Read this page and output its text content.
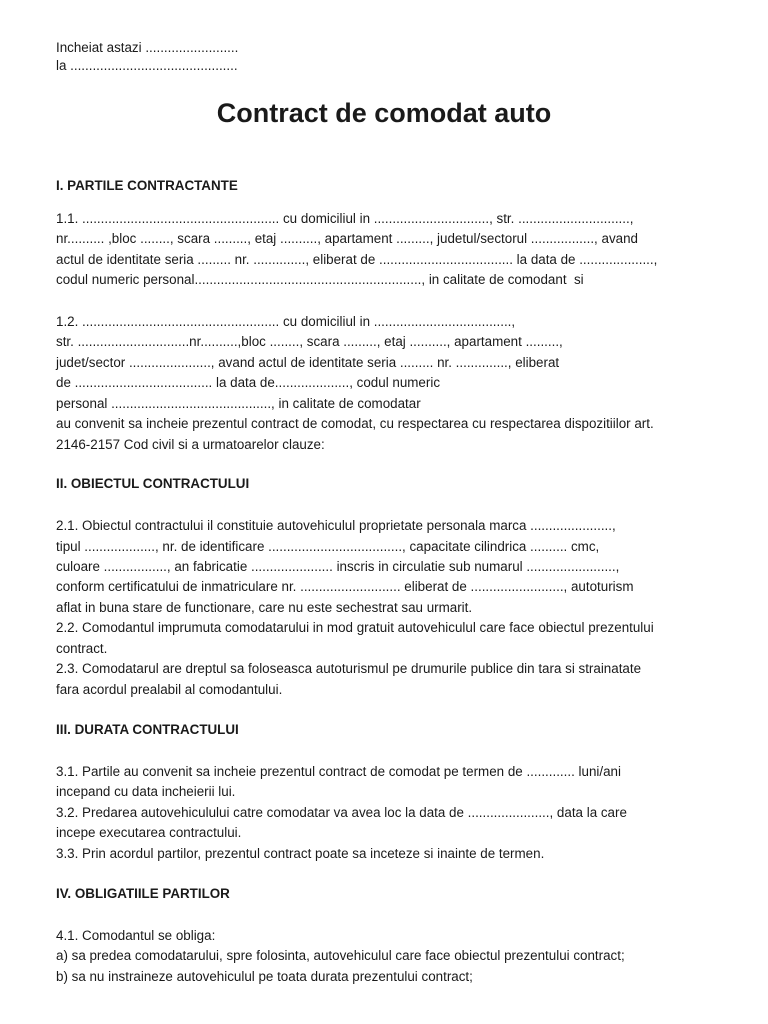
Incheiat astazi .........................
la .............................................
Contract de comodat auto
I. PARTILE CONTRACTANTE
1.1. ..................................................... cu domiciliul in ..............................., str. ..............................,
nr.......... ,bloc ........, scara ........., etaj .........., apartament ........., judetul/sectorul ................., avand
actul de identitate seria ......... nr. .............., eliberat de .................................... la data de ....................,
codul numeric personal............................................................., in calitate de comodant  si
1.2. ..................................................... cu domiciliul in .....................................,
str. ..............................nr..........,bloc ........, scara ........., etaj .........., apartament .........,
judet/sector ......................, avand actul de identitate seria ......... nr. .............., eliberat
de ..................................... la data de...................., codul numeric
personal ..........................................., in calitate de comodatar
au convenit sa incheie prezentul contract de comodat, cu respectarea cu respectarea dispozitiilor art.
2146-2157 Cod civil si a urmatoarelor clauze:
II. OBIECTUL CONTRACTULUI
2.1. Obiectul contractului il constituie autovehiculul proprietate personala marca ......................,
tipul ..................., nr. de identificare ...................................., capacitate cilindrica .......... cmc,
culoare ................., an fabricatie ...................... inscris in circulatie sub numarul ........................,
conform certificatului de inmatriculare nr. ........................... eliberat de ........................., autoturism
aflat in buna stare de functionare, care nu este sechestrat sau urmarit.
2.2. Comodantul imprumuta comodatarului in mod gratuit autovehiculul care face obiectul prezentului
contract.
2.3. Comodatarul are dreptul sa foloseasca autoturismul pe drumurile publice din tara si strainatate
fara acordul prealabil al comodantului.
III. DURATA CONTRACTULUI
3.1. Partile au convenit sa incheie prezentul contract de comodat pe termen de ............. luni/ani
incepand cu data incheierii lui.
3.2. Predarea autovehiculului catre comodatar va avea loc la data de ......................, data la care
incepe executarea contractului.
3.3. Prin acordul partilor, prezentul contract poate sa inceteze si inainte de termen.
IV. OBLIGATIILE PARTILOR
4.1. Comodantul se obliga:
a) sa predea comodatarului, spre folosinta, autovehiculul care face obiectul prezentului contract;
b) sa nu instraineze autovehiculul pe toata durata prezentului contract;
